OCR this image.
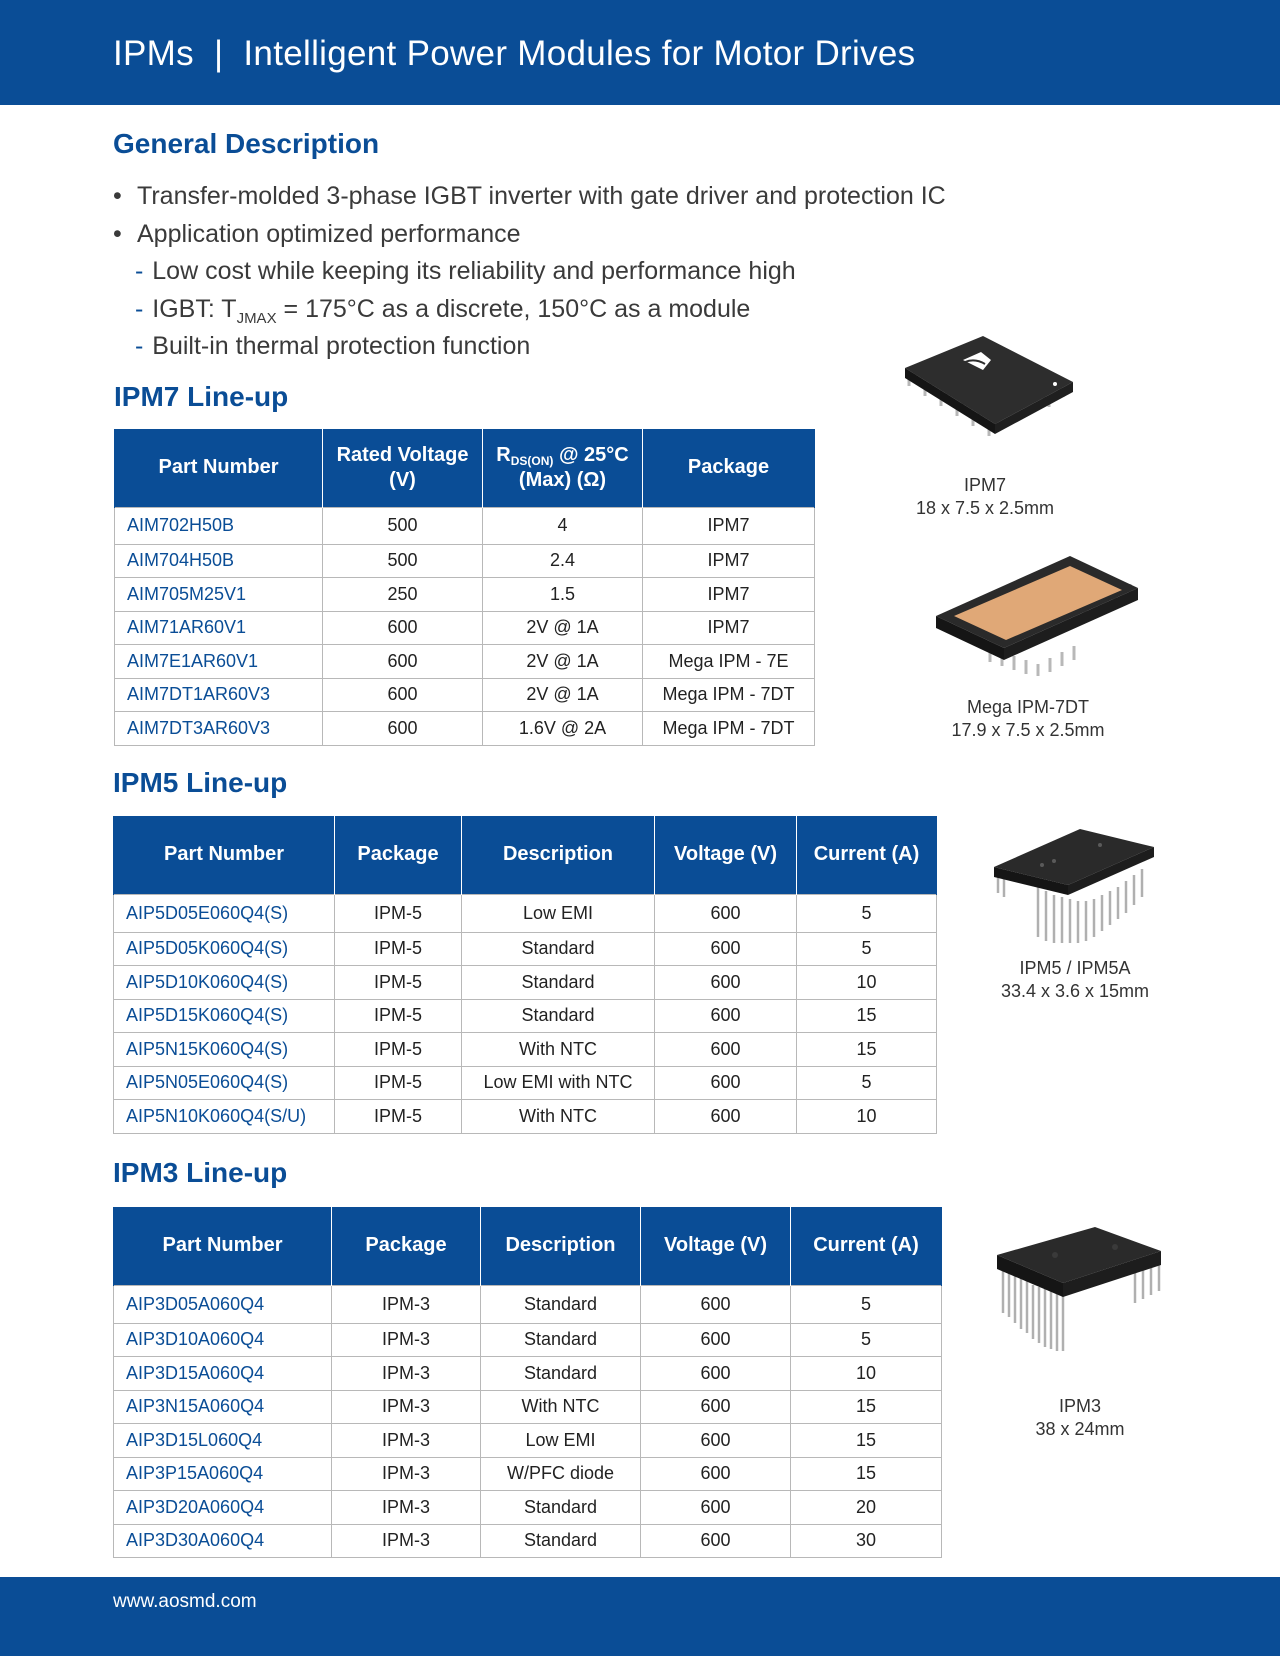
IPMs  |  Intelligent Power Modules for Motor Drives
General Description
• Transfer-molded 3-phase IGBT inverter with gate driver and protection IC
• Application optimized performance
- Low cost while keeping its reliability and performance high
- IGBT: $T_{JMAX} = 175^\circ C$ as a discrete, 150°C as a module
- Built-in thermal protection function
IPM7 Line-up
Part Number	Rated Voltage (V)	$R_{DS(ON)}$ @ 25°C (Max) (Ω)	Package
AIM702H50B	500	4	IPM7
AIM704H50B	500	2.4	IPM7
AIM705M25V1	250	1.5	IPM7
AIM71AR60V1	600	2V @ 1A	IPM7
AIM7E1AR60V1	600	2V @ 1A	Mega IPM - 7E
AIM7DT1AR60V3	600	2V @ 1A	Mega IPM - 7DT
AIM7DT3AR60V3	600	1.6V @ 2A	Mega IPM - 7DT
IPM5 Line-up
Part Number	Package	Description	Voltage (V)	Current (A)
AIP5D05E060Q4(S)	IPM-5	Low EMI	600	5
AIP5D05K060Q4(S)	IPM-5	Standard	600	5
AIP5D10K060Q4(S)	IPM-5	Standard	600	10
AIP5D15K060Q4(S)	IPM-5	Standard	600	15
AIP5N15K060Q4(S)	IPM-5	With NTC	600	15
AIP5N05E060Q4(S)	IPM-5	Low EMI with NTC	600	5
AIP5N10K060Q4(S/U)	IPM-5	With NTC	600	10
IPM3 Line-up
Part Number	Package	Description	Voltage (V)	Current (A)
AIP3D05A060Q4	IPM-3	Standard	600	5
AIP3D10A060Q4	IPM-3	Standard	600	5
AIP3D15A060Q4	IPM-3	Standard	600	10
AIP3N15A060Q4	IPM-3	With NTC	600	15
AIP3D15L060Q4	IPM-3	Low EMI	600	15
AIP3P15A060Q4	IPM-3	W/PFC diode	600	15
AIP3D20A060Q4	IPM-3	Standard	600	20
AIP3D30A060Q4	IPM-3	Standard	600	30
IPM7
18 x 7.5 x 2.5mm
Mega IPM-7DT
17.9 x 7.5 x 2.5mm
IPM5 / IPM5A
33.4 x 3.6 x 15mm
IPM3
38 x 24mm
www.aosmd.com
